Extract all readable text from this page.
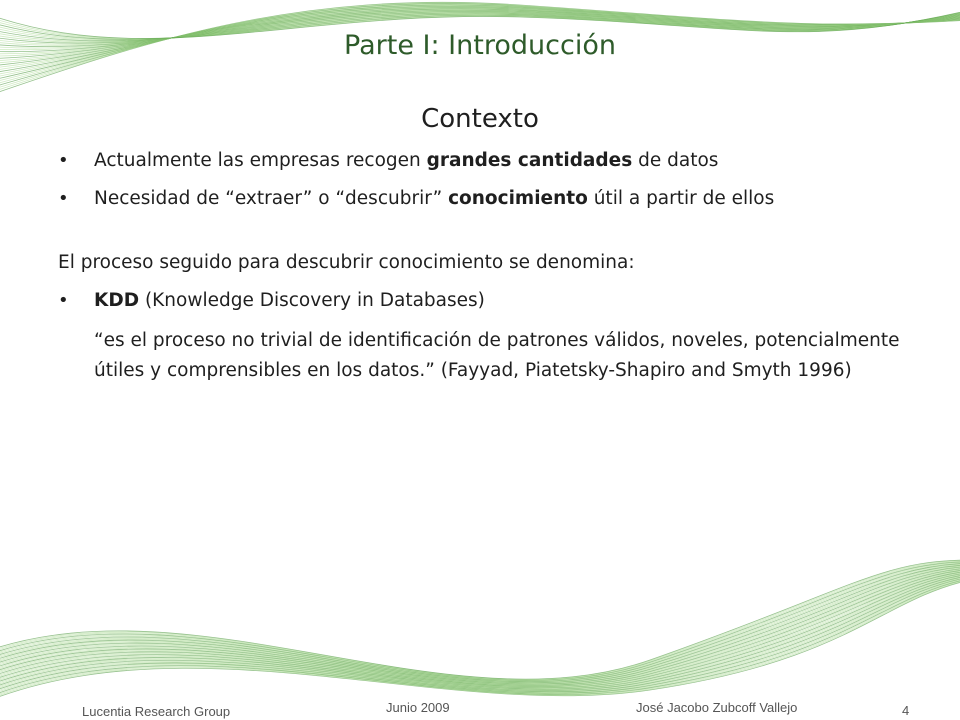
Parte I: Introducción
Contexto
•	Actualmente las empresas recogen grandes cantidades de datos
•	Necesidad de “extraer” o “descubrir” conocimiento útil a partir de ellos
El proceso seguido para descubrir conocimiento se denomina:
•	KDD (Knowledge Discovery in Databases)
“es el proceso no trivial de identificación de patrones válidos, noveles, potencialmente útiles y comprensibles en los datos.” (Fayyad, Piatetsky-Shapiro and Smyth 1996)
Lucentia Research Group	Junio 2009	José Jacobo Zubcoff Vallejo	4
